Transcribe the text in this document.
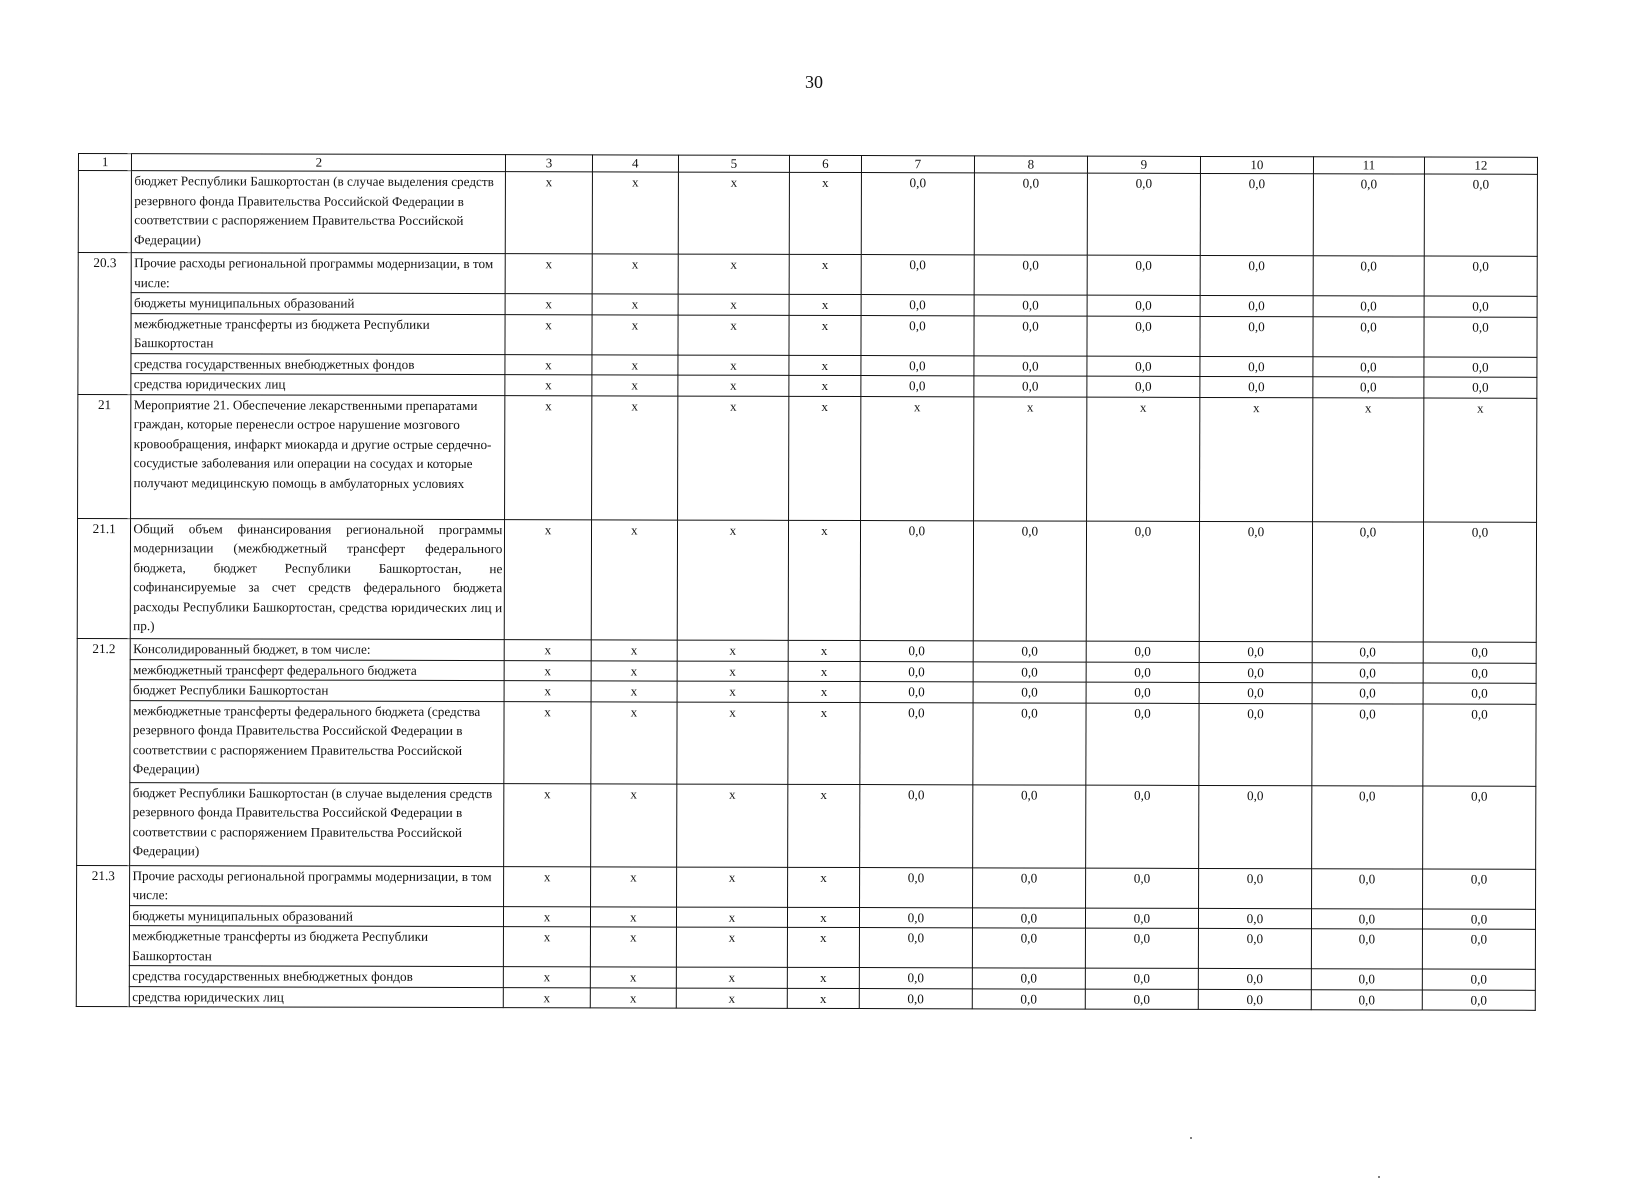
30
1	2	3	4	5	6	7	8	9	10	11	12
	бюджет Республики Башкортостан (в случае выделения средств резервного фонда Правительства Российской Федерации в соответствии с распоряжением Правительства Российской Федерации)	x	x	x	x	0,0	0,0	0,0	0,0	0,0	0,0
20.3	Прочие расходы региональной программы модернизации, в том числе:	x	x	x	x	0,0	0,0	0,0	0,0	0,0	0,0
	бюджеты муниципальных образований	x	x	x	x	0,0	0,0	0,0	0,0	0,0	0,0
	межбюджетные трансферты из бюджета Республики Башкортостан	x	x	x	x	0,0	0,0	0,0	0,0	0,0	0,0
	средства государственных внебюджетных фондов	x	x	x	x	0,0	0,0	0,0	0,0	0,0	0,0
	средства юридических лиц	x	x	x	x	0,0	0,0	0,0	0,0	0,0	0,0
21	Мероприятие 21. Обеспечение лекарственными препаратами граждан, которые перенесли острое нарушение мозгового кровообращения, инфаркт миокарда и другие острые сердечно-сосудистые заболевания или операции на сосудах и которые получают медицинскую помощь в амбулаторных условиях	x	x	x	x	x	x	x	x	x	x
21.1	Общий объем финансирования региональной программы модернизации (межбюджетный трансферт федерального бюджета, бюджет Республики Башкортостан, не софинансируемые за счет средств федерального бюджета расходы Республики Башкортостан, средства юридических лиц и пр.)	x	x	x	x	0,0	0,0	0,0	0,0	0,0	0,0
21.2	Консолидированный бюджет, в том числе:	x	x	x	x	0,0	0,0	0,0	0,0	0,0	0,0
	межбюджетный трансферт федерального бюджета	x	x	x	x	0,0	0,0	0,0	0,0	0,0	0,0
	бюджет Республики Башкортостан	x	x	x	x	0,0	0,0	0,0	0,0	0,0	0,0
	межбюджетные трансферты федерального бюджета (средства резервного фонда Правительства Российской Федерации в соответствии с распоряжением Правительства Российской Федерации)	x	x	x	x	0,0	0,0	0,0	0,0	0,0	0,0
	бюджет Республики Башкортостан (в случае выделения средств резервного фонда Правительства Российской Федерации в соответствии с распоряжением Правительства Российской Федерации)	x	x	x	x	0,0	0,0	0,0	0,0	0,0	0,0
21.3	Прочие расходы региональной программы модернизации, в том числе:	x	x	x	x	0,0	0,0	0,0	0,0	0,0	0,0
	бюджеты муниципальных образований	x	x	x	x	0,0	0,0	0,0	0,0	0,0	0,0
	межбюджетные трансферты из бюджета Республики Башкортостан	x	x	x	x	0,0	0,0	0,0	0,0	0,0	0,0
	средства государственных внебюджетных фондов	x	x	x	x	0,0	0,0	0,0	0,0	0,0	0,0
	средства юридических лиц	x	x	x	x	0,0	0,0	0,0	0,0	0,0	0,0
